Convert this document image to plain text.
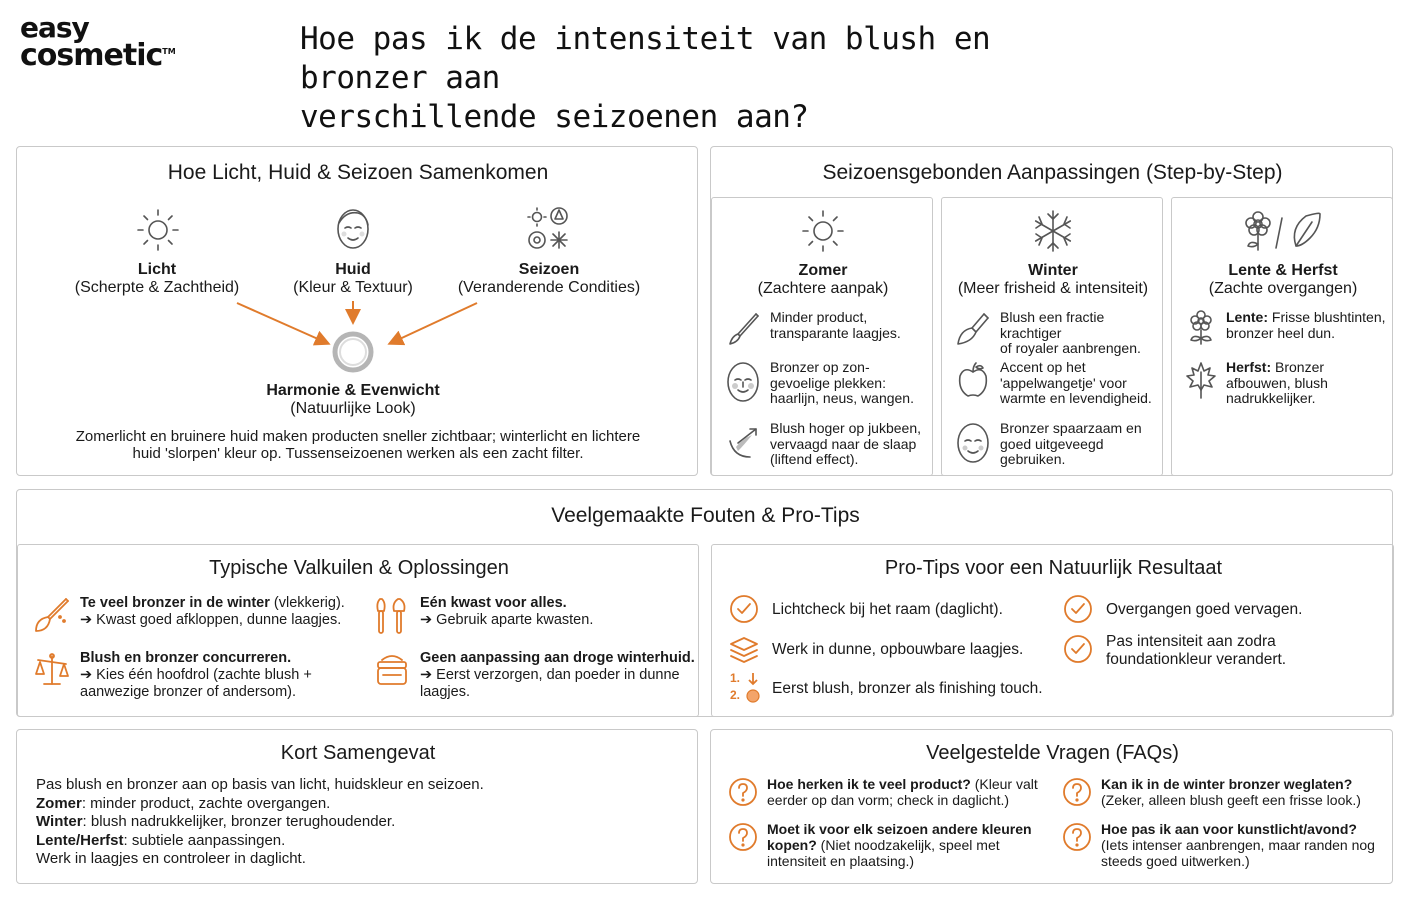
easy
cosmetic™	Hoe pas ik de intensiteit van blush en bronzer aan
verschillende seizoenen aan?
Hoe Licht, Huid & Seizoen Samenkomen
Licht
(Scherpte & Zachtheid)
Huid
(Kleur & Textuur)
Seizoen
(Veranderende Condities)
Harmonie & Evenwicht
(Natuurlijke Look)
Zomerlicht en bruinere huid maken producten sneller zichtbaar; winterlicht en lichtere
huid 'slorpen' kleur op. Tussenseizoenen werken als een zacht filter.
Seizoensgebonden Aanpassingen (Step-by-Step)
Zomer
(Zachtere aanpak)
Minder product,
transparante laagjes.
Bronzer op zon-
gevoelige plekken:
haarlijn, neus, wangen.
Blush hoger op jukbeen,
vervaagd naar de slaap
(liftend effect).
Winter
(Meer frisheid & intensiteit)
Blush een fractie krachtiger
of royaler aanbrengen.
Accent op het
'appelwangetje' voor
warmte en levendigheid.
Bronzer spaarzaam en
goed uitgeveegd
gebruiken.
Lente & Herfst
(Zachte overgangen)
Lente: Frisse blushtinten,
bronzer heel dun.
Herfst: Bronzer
afbouwen, blush
nadrukkelijker.
Veelgemaakte Fouten & Pro-Tips
Typische Valkuilen & Oplossingen
Te veel bronzer in de winter (vlekkerig).
➔ Kwast goed afkloppen, dunne laagjes.
Eén kwast voor alles.
➔ Gebruik aparte kwasten.
Blush en bronzer concurreren.
➔ Kies één hoofdrol (zachte blush +
aanwezige bronzer of andersom).
Geen aanpassing aan droge winterhuid.
➔ Eerst verzorgen, dan poeder in dunne
laagjes.
Pro-Tips voor een Natuurlijk Resultaat
Lichtcheck bij het raam (daglicht).	Overgangen goed vervagen.
Werk in dunne, opbouwbare laagjes.	Pas intensiteit aan zodra
foundationkleur verandert.
1.
2. Eerst blush, bronzer als finishing touch.
Kort Samengevat
Pas blush en bronzer aan op basis van licht, huidskleur en seizoen.
Zomer: minder product, zachte overgangen.
Winter: blush nadrukkelijker, bronzer terughoudender.
Lente/Herfst: subtiele aanpassingen.
Werk in laagjes en controleer in daglicht.
Veelgestelde Vragen (FAQs)
Hoe herken ik te veel product? (Kleur valt
eerder op dan vorm; check in daglicht.)
Kan ik in de winter bronzer weglaten?
(Zeker, alleen blush geeft een frisse look.)
Moet ik voor elk seizoen andere kleuren
kopen? (Niet noodzakelijk, speel met
intensiteit en plaatsing.)
Hoe pas ik aan voor kunstlicht/avond?
(Iets intenser aanbrengen, maar randen nog
steeds goed uitwerken.)
